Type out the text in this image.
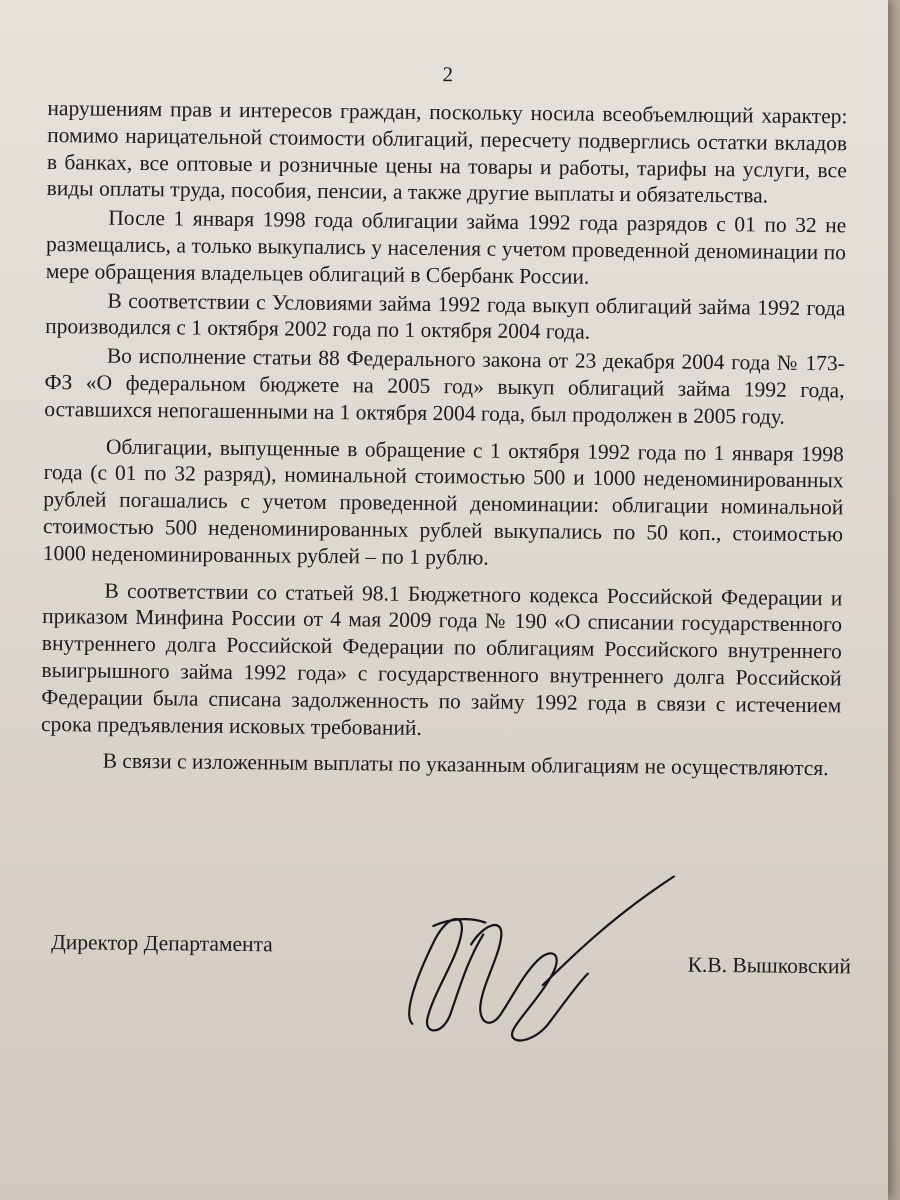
2

нарушениям прав и интересов граждан, поскольку носила всеобъемлющий характер: помимо нарицательной стоимости облигаций, пересчету подверглись остатки вкладов в банках, все оптовые и розничные цены на товары и работы, тарифы на услуги, все виды оплаты труда, пособия, пенсии, а также другие выплаты и обязательства.

После 1 января 1998 года облигации займа 1992 года разрядов с 01 по 32 не размещались, а только выкупались у населения с учетом проведенной деноминации по мере обращения владельцев облигаций в Сбербанк России.

В соответствии с Условиями займа 1992 года выкуп облигаций займа 1992 года производился с 1 октября 2002 года по 1 октября 2004 года.

Во исполнение статьи 88 Федерального закона от 23 декабря 2004 года № 173-ФЗ «О федеральном бюджете на 2005 год» выкуп облигаций займа 1992 года, оставшихся непогашенными на 1 октября 2004 года, был продолжен в 2005 году.

Облигации, выпущенные в обращение с 1 октября 1992 года по 1 января 1998 года (с 01 по 32 разряд), номинальной стоимостью 500 и 1000 неденоминированных рублей погашались с учетом проведенной деноминации: облигации номинальной стоимостью 500 неденоминированных рублей выкупались по 50 коп., стоимостью 1000 неденоминированных рублей – по 1 рублю.

В соответствии со статьей 98.1 Бюджетного кодекса Российской Федерации и приказом Минфина России от 4 мая 2009 года № 190 «О списании государственного внутреннего долга Российской Федерации по облигациям Российского внутреннего выигрышного займа 1992 года» с государственного внутреннего долга Российской Федерации была списана задолженность по займу 1992 года в связи с истечением срока предъявления исковых требований.

В связи с изложенным выплаты по указанным облигациям не осуществляются.

Директор Департамента
К.В. Вышковский
